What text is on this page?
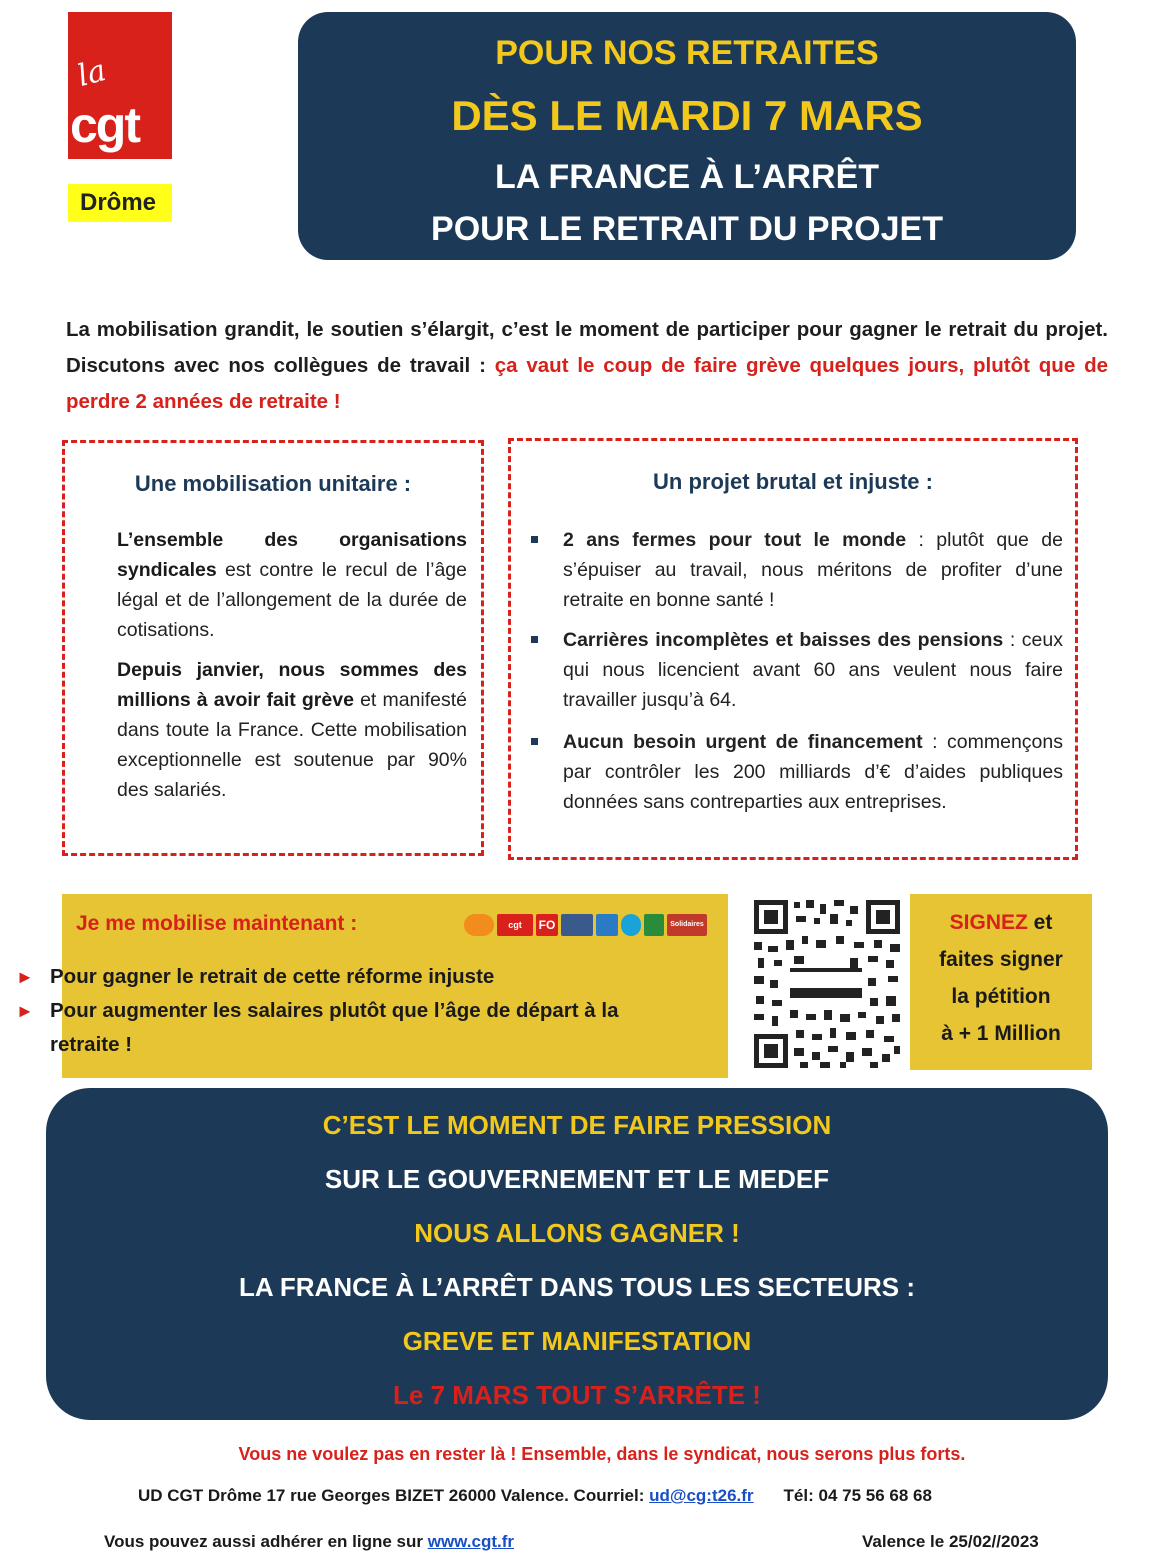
la
cgt
Drôme
POUR NOS RETRAITES
DÈS LE MARDI 7 MARS
LA FRANCE À L’ARRÊT
POUR LE RETRAIT DU PROJET

La mobilisation grandit, le soutien s’élargit, c’est le moment de participer pour gagner le retrait du projet. Discutons avec nos collègues de travail : ça vaut le coup de faire grève quelques jours, plutôt que de perdre 2 années de retraite !

Une mobilisation unitaire :

L’ensemble des organisations syndicales est contre le recul de l’âge légal et de l’allongement de la durée de cotisations.

Depuis janvier, nous sommes des millions à avoir fait grève et manifesté dans toute la France. Cette mobilisation exceptionnelle est soutenue par 90% des salariés.

Un projet brutal et injuste :
2 ans fermes pour tout le monde : plutôt que de s’épuiser au travail, nous méritons de profiter d’une retraite en bonne santé !
Carrières incomplètes et baisses des pensions : ceux qui nous licencient avant 60 ans veulent nous faire travailler jusqu’à 64.
Aucun besoin urgent de financement : commençons par contrôler les 200 milliards d’€ d’aides publiques données sans contreparties aux entreprises.
Je me mobilise maintenant :	cgt	FO	Solidaires
► Pour gagner le retrait de cette réforme injuste
► Pour augmenter les salaires plutôt que l’âge de départ à la retraite !
SIGNEZ et
faites signer
la pétition
à + 1 Million
C’EST LE MOMENT DE FAIRE PRESSION
SUR LE GOUVERNEMENT ET LE MEDEF
NOUS ALLONS GAGNER !
LA FRANCE À L’ARRÊT DANS TOUS LES SECTEURS :
GREVE ET MANIFESTATION
Le 7 MARS TOUT S’ARRÊTE !
Vous ne voulez pas en rester là ! Ensemble, dans le syndicat, nous serons plus forts.
UD CGT Drôme 17 rue Georges BIZET 26000 Valence. Courriel: ud@cg:t26.fr Tél: 04 75 56 68 68
Vous pouvez aussi adhérer en ligne sur www.cgt.fr	Valence le 25/02//2023
